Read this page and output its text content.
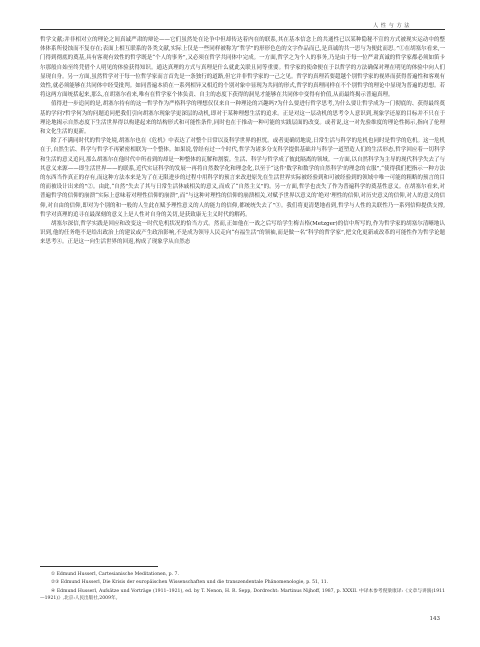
人 性 与 方 法

哲学文献;并非相对立的理论之间真诚严肃的辩论——它们虽然处在论争中但却传达着内在的联系,其在基本信念上的共通性已以某种隐秘不宣的方式被现实运动中的整体体系所侵蚀而不复存在;表面上相互联系的各类文献,实际上仅是一些同样被称为“哲学”的形形色色的文字作品而已,是真诚的共一思与为便此而思。”①在胡塞尔看来,一门得到彻底的奠基,具有客观有效性的哲学既是“个人的事务”,又必须在哲学共同体中完成。一方面,哲学之为个人的事务,乃是由于每一位严肃真诚的哲学家都必须如笛卡尔那般自始至终凭借个人明见的体验获得知识。通达真理的方式与真理是什么就此关联且同等重要。哲学家的使命便在于以哲学的方法确保对理在明见的体验中向人们显现自身。另一方面,虽然哲学对于每一位哲学家而言首先是一条独行的道路,但它并非哲学家的一己之见。哲学的真理若要超越个别哲学家的视界而获得普遍性和客观有效性,就必须能够在共同体中经受批判。如同普遍本质在一系列相异又相近的个别对象中显现为共同的形式,哲学的真理同样在不个别哲学的理论中显现为普遍的思想。若将这两方面统括起来,那么,在胡塞尔看来,唯有在哲学家个体负责、自主的态度下获得的洞见才能够在共同体中变得有价值,从而最终揭示普遍真理。

值得进一步追问的是,胡塞尔持有的这一哲学作为严格科学的理想仅仅来自一种理论的兴趣吗?为什么要进行哲学思考,为什么要让哲学成为一门彻底的、获得最终奠基的学问?哲学何为的问题追问把我们引向胡塞尔现象学更深层的动机,即对于某种理想生活的追求。正是对这一层动机的思考令人意识到,现象学还原的目标并不只在于理论地揭示自然态度下生活世界得以构建起来的结构形式和可能性条件,同时也在于推动一种可能的实践层面的改变。或者说,这一对先验维度的理论性揭示,指向了伦理和文化生活的更新。

除了不满同时代的哲学处境,胡塞尔也在《危机》中表达了对整个日常以及科学世界的担忧。或者更确切地说,日常生活与科学的危机也同时是哲学的危机。这一危机在于,自然生活、科学与哲学不再紧密相联为一个整体。如果说,曾经有过一个时代,哲学为诸多分支科学提供基础并与科学一道塑造人们的生活形态,哲学回应着一切科学和生活的意义追问,那么胡塞尔在他时代中所看到的却是一种整体的瓦解和割裂。生活、科学与哲学成了彼此隔离的领域。一方面,以自然科学为主导的现代科学失去了与其意义来源——即生活世界——的联系,近代实证科学的发展一再将自然数学化和理念化,以至于“这件'数学和数学的自然科学'的理念的衣服”,“使得我们把指示一种方法的东西当作真正的存有,而这种方法本来是为了在无限进步的过程中用科学的预言来改进原先在生活世界实际被经验到和可被经验到的领域中唯一可能的粗略的预言的目的而被设计出来的”②。由此,“自然”失去了其与日常生活休戚相关的意义,而成了“自然主义”的。另一方面,哲学也丧失了作为普遍科学的奠基性意义。在胡塞尔看来,对普遍哲学的信仰的崩溃“实际上意味着对理性信仰的崩溃”,而“与这种对理性的信仰的崩溃相关,对赋予世界以意义的‘绝对’理性的信仰,对历史意义的信仰,对人的意义的信仰,对自由的信仰,即对为个别的和一般的人生此在赋予理性意义的人的能力的信仰,都统统失去了”③。我们将更清楚地看到,哲学与人性的关联性乃一系列信仰提供支撑,哲学对真理的追寻在最深刻的意义上是人性对自身的关切,是获致康无主义时代的解药。

胡塞尔深信,哲学实践是回应和改变这一时代危机状况的恰当方式。然而,正如他在一战之后写给学生梅吉格(Metzger)的信中所写的,作为哲学家的胡塞尔清晰地认识到,他的任务绝不是给出政治上的建议或产生政治影响,不是成为领导人民走向“有福生活”的领袖,而是做一名“科学的哲学家”,把文化更新或改革的可能性作为哲学论题来思考④。正是这一向生活世界的回返,构成了现象学从自然态

① Edmund Husserl, Cartesianische Meditationen, p. 7.

②③ Edmund Husserl, Die Krisis der europäischen Wissenschaften und die transzendentale Phänomenologie, p. 51, 11.

④ Edmund Husserl, Aufsätze und Vorträge (1911–1921), ed. by T. Nenon, H. R. Sepp, Dordrecht: Martinus Nijhoff, 1987, p. XXXII. 中译本参考倪梁康译:《文章与讲演(1911—1921)》,北京:人民出版社,2009年。

143
